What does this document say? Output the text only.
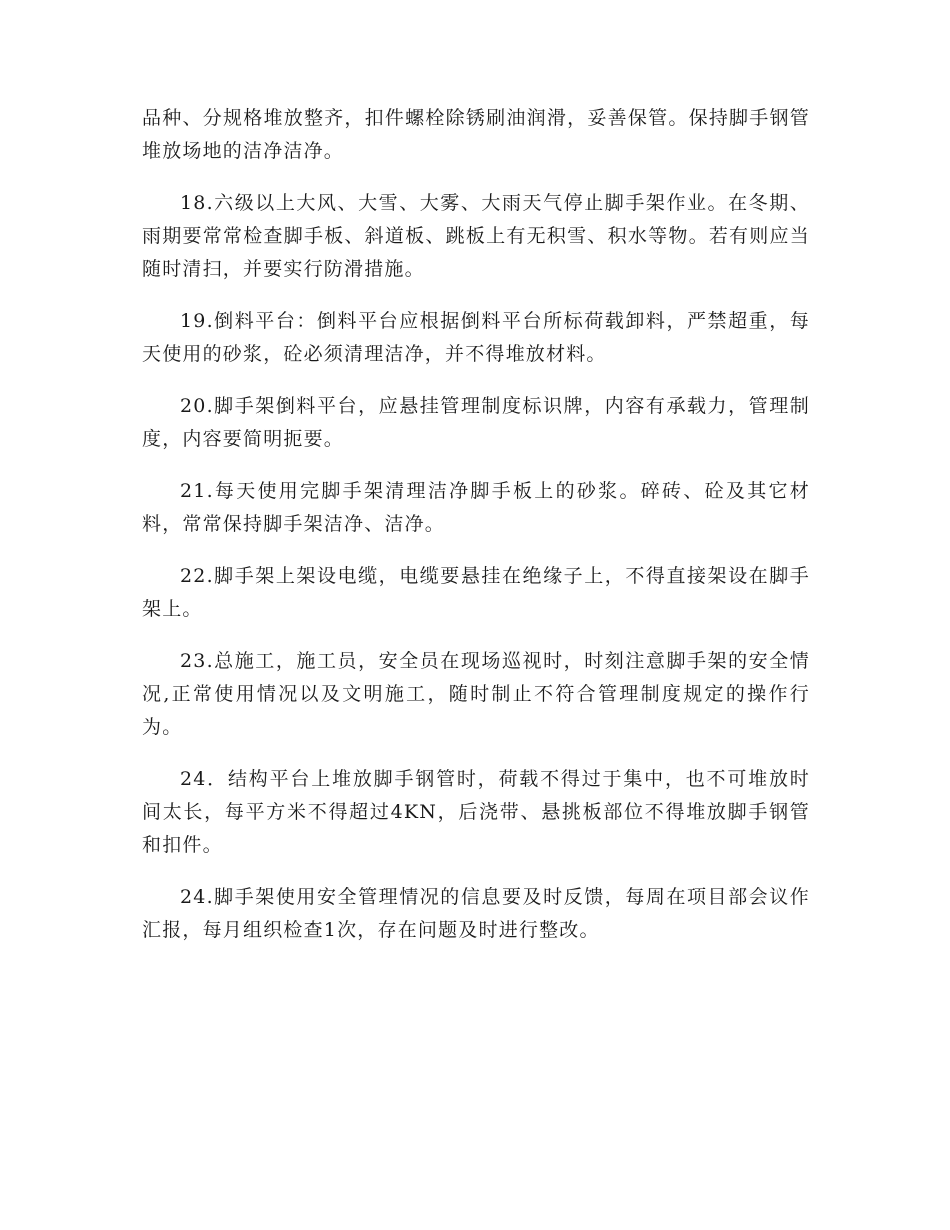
品种、分规格堆放整齐，扣件螺栓除锈刷油润滑，妥善保管。保持脚手钢管堆放场地的洁净洁净。

18.六级以上大风、大雪、大雾、大雨天气停止脚手架作业。在冬期、雨期要常常检查脚手板、斜道板、跳板上有无积雪、积水等物。若有则应当随时清扫，并要实行防滑措施。

19.倒料平台：倒料平台应根据倒料平台所标荷载卸料，严禁超重，每天使用的砂浆，砼必须清理洁净，并不得堆放材料。

20.脚手架倒料平台，应悬挂管理制度标识牌，内容有承载力，管理制度，内容要简明扼要。

21.每天使用完脚手架清理洁净脚手板上的砂浆。碎砖、砼及其它材料，常常保持脚手架洁净、洁净。

22.脚手架上架设电缆，电缆要悬挂在绝缘子上，不得直接架设在脚手架上。

23.总施工，施工员，安全员在现场巡视时，时刻注意脚手架的安全情况,正常使用情况以及文明施工，随时制止不符合管理制度规定的操作行为。

24．结构平台上堆放脚手钢管时，荷载不得过于集中，也不可堆放时间太长，每平方米不得超过4KN，后浇带、悬挑板部位不得堆放脚手钢管和扣件。

24.脚手架使用安全管理情况的信息要及时反馈，每周在项目部会议作汇报，每月组织检查1次，存在问题及时进行整改。
